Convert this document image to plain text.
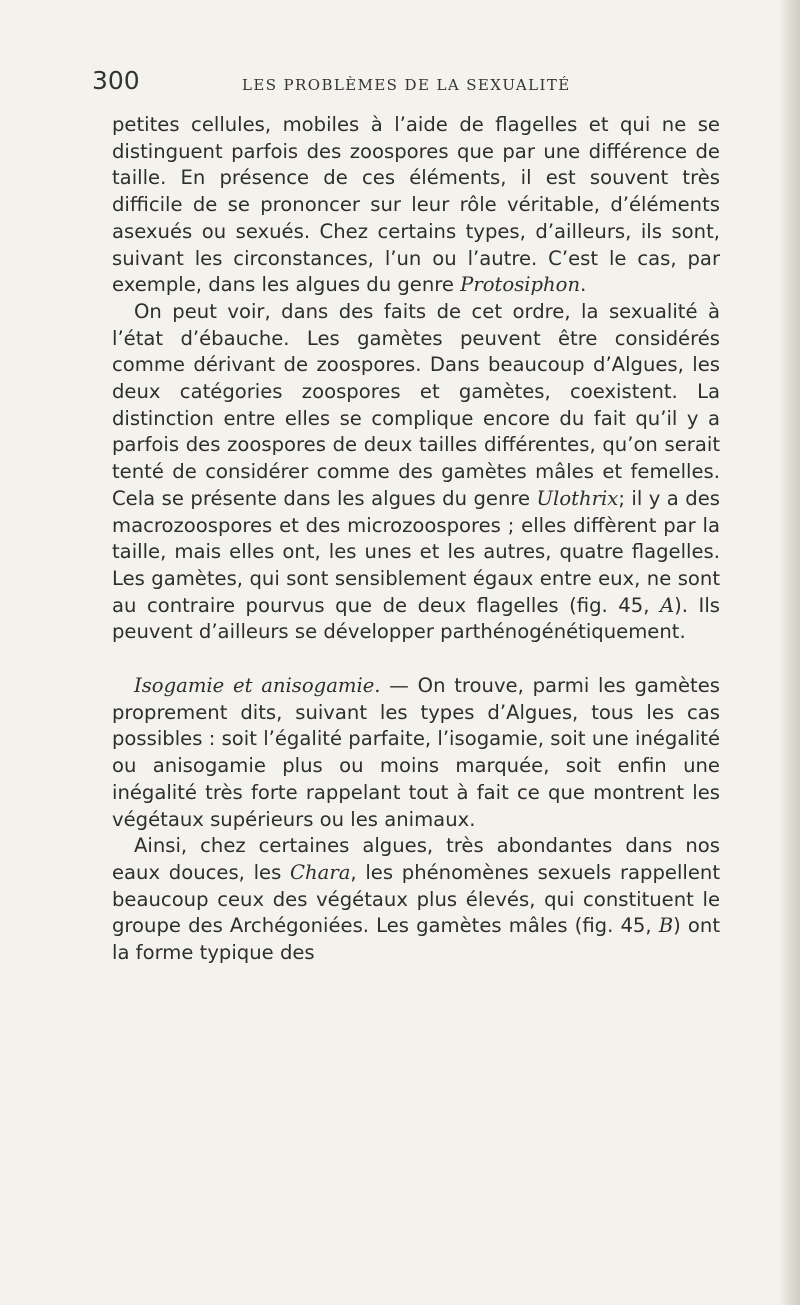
300	LES PROBLÈMES DE LA SEXUALITÉ

petites cellules, mobiles à l’aide de flagelles et qui ne se distinguent parfois des zoospores que par une différence de taille. En présence de ces éléments, il est souvent très difficile de se prononcer sur leur rôle véritable, d’éléments asexués ou sexués. Chez certains types, d’ailleurs, ils sont, suivant les circonstances, l’un ou l’autre. C’est le cas, par exemple, dans les algues du genre Protosiphon.

On peut voir, dans des faits de cet ordre, la sexualité à l’état d’ébauche. Les gamètes peuvent être considérés comme dérivant de zoospores. Dans beaucoup d’Algues, les deux catégories zoospores et gamètes, coexistent. La distinction entre elles se complique encore du fait qu’il y a parfois des zoospores de deux tailles différentes, qu’on serait tenté de considérer comme des gamètes mâles et femelles. Cela se présente dans les algues du genre Ulothrix; il y a des macrozoospores et des microzoospores ; elles diffèrent par la taille, mais elles ont, les unes et les autres, quatre flagelles. Les gamètes, qui sont sensiblement égaux entre eux, ne sont au contraire pourvus que de deux flagelles (fig. 45, A). Ils peuvent d’ailleurs se développer parthénogénétiquement.

Isogamie et anisogamie. — On trouve, parmi les gamètes proprement dits, suivant les types d’Algues, tous les cas possibles : soit l’égalité parfaite, l’isogamie, soit une inégalité ou anisogamie plus ou moins marquée, soit enfin une inégalité très forte rappelant tout à fait ce que montrent les végétaux supérieurs ou les animaux.

Ainsi, chez certaines algues, très abondantes dans nos eaux douces, les Chara, les phénomènes sexuels rappellent beaucoup ceux des végétaux plus élevés, qui constituent le groupe des Archégoniées. Les gamètes mâles (fig. 45, B) ont la forme typique des
